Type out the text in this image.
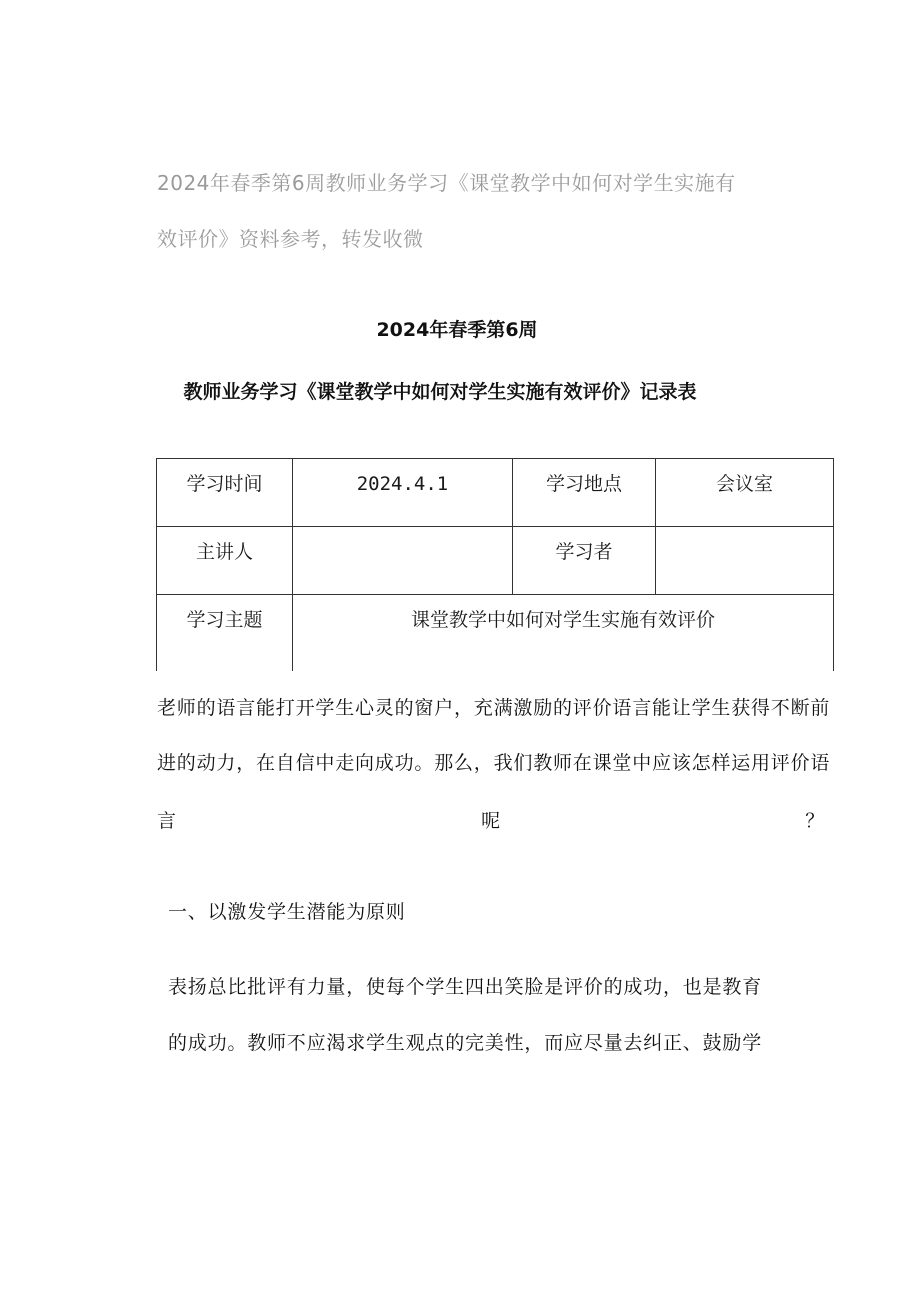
2024年春季第6周教师业务学习《课堂教学中如何对学生实施有
效评价》资料参考，转发收微
2024年春季第6周
教师业务学习《课堂教学中如何对学生实施有效评价》记录表
学习时间	2024.4.1	学习地点	会议室
主讲人		学习者	
学习主题	课堂教学中如何对学生实施有效评价		
老师的语言能打开学生心灵的窗户，充满激励的评价语言能让学生获得不断前
进的动力，在自信中走向成功。那么，我们教师在课堂中应该怎样运用评价语
言	呢	？
一、以激发学生潜能为原则
表扬总比批评有力量，使每个学生四出笑脸是评价的成功，也是教育
的成功。教师不应渴求学生观点的完美性，而应尽量去纠正、鼓励学
